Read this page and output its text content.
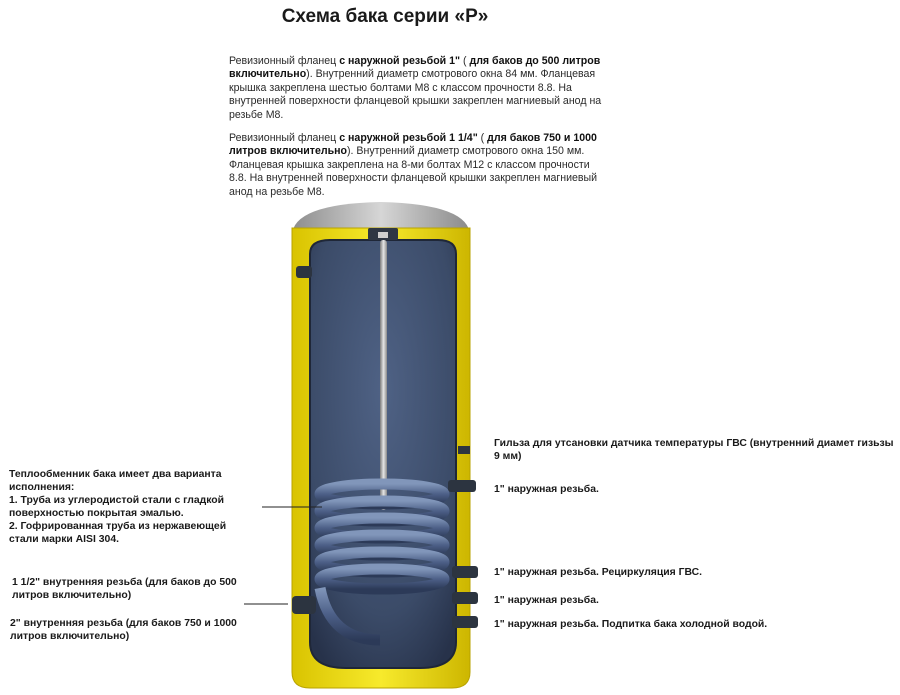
Схема бака серии «P»
Ревизионный фланец с наружной резьбой 1" ( для баков до 500 литров включительно). Внутренний диаметр смотрового окна 84 мм. Фланцевая крышка закреплена шестью болтами М8 с классом прочности 8.8. На внутренней поверхности фланцевой крышки закреплен магниевый анод на резьбе М8.
Ревизионный фланец с наружной резьбой 1 1/4" ( для баков 750 и 1000 литров включительно). Внутренний диаметр смотрового окна 150 мм. Фланцевая крышка закреплена на 8-ми болтах М12 с классом прочности 8.8. На внутренней поверхности фланцевой крышки закреплен магниевый анод на резьбе М8.
Теплообменник бака имеет два варианта
исполнения:
1. Труба из углеродистой стали с гладкой
поверхностью покрытая эмалью.
2. Гофрированная труба из нержавеющей
стали марки AISI 304.
1 1/2" внутренняя резьба (для баков до 500 литров включительно)
2" внутренняя резьба (для баков 750 и 1000 литров включительно)
Гильза для утсановки датчика температуры ГВС (внутренний диамет гизьзы 9 мм)
1" наружная резьба.
1" наружная резьба. Рециркуляция ГВС.
1" наружная резьба.
1" наружная резьба. Подпитка бака холодной водой.
